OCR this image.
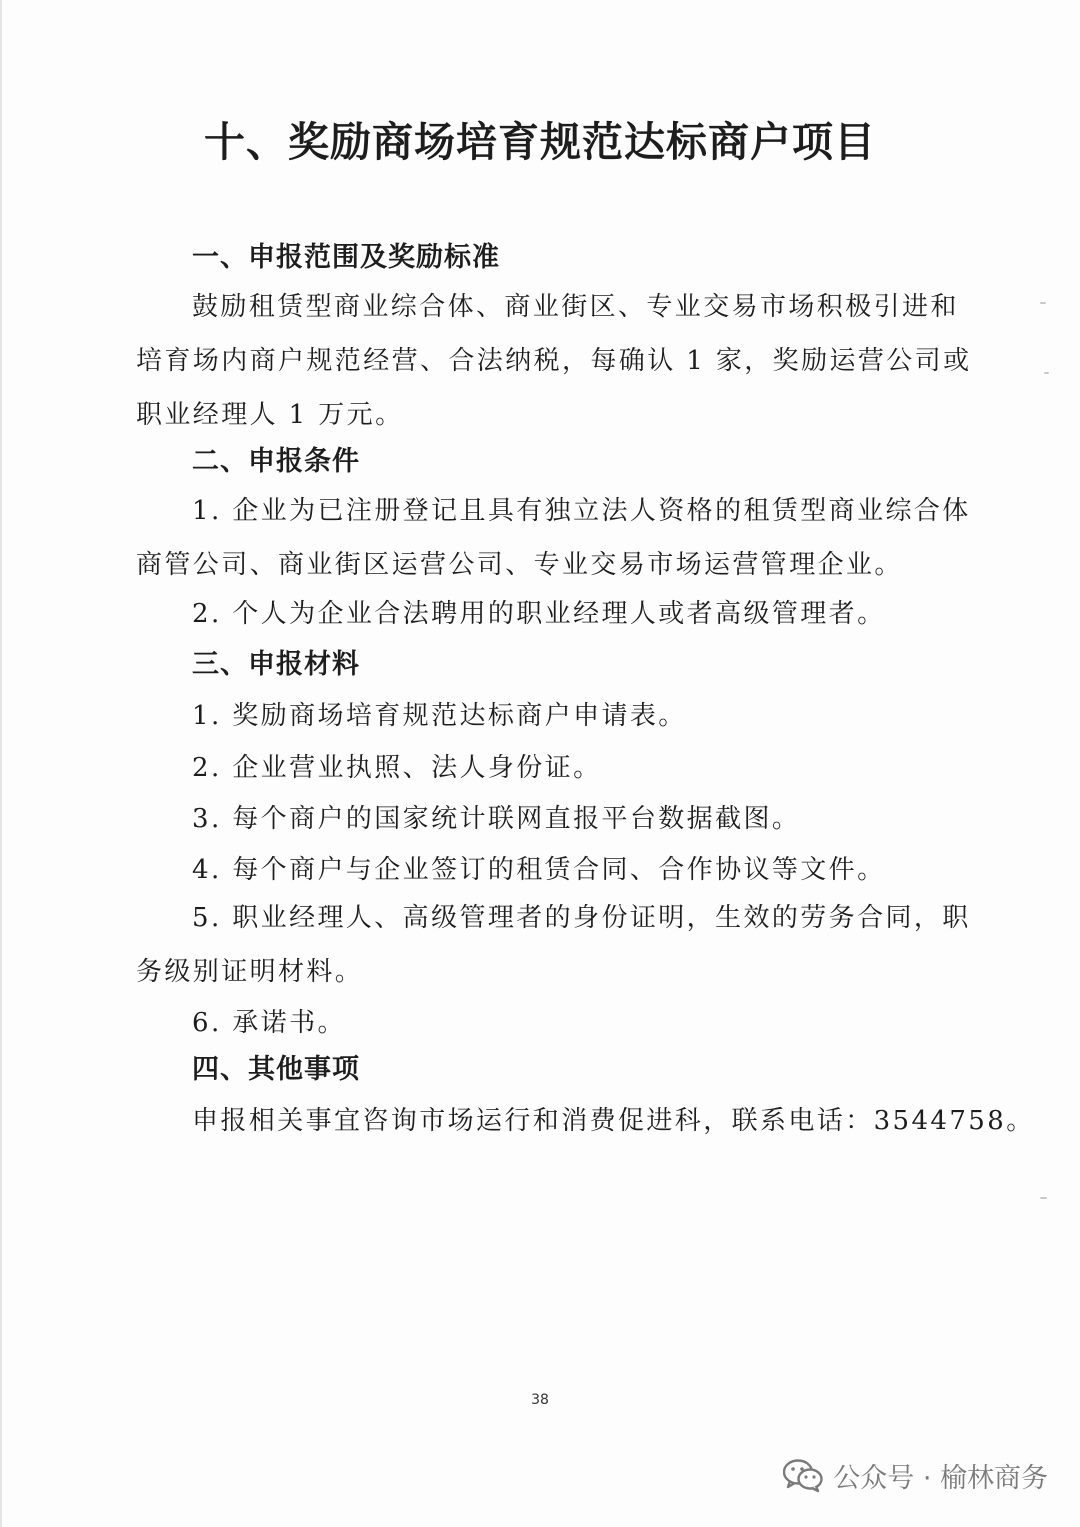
十、奖励商场培育规范达标商户项目
一、申报范围及奖励标准

鼓励租赁型商业综合体、商业街区、专业交易市场积极引进和培育场内商户规范经营、合法纳税，每确认 1 家，奖励运营公司或职业经理人 1 万元。

二、申报条件

1. 企业为已注册登记且具有独立法人资格的租赁型商业综合体商管公司、商业街区运营公司、专业交易市场运营管理企业。

2. 个人为企业合法聘用的职业经理人或者高级管理者。
三、申报材料
1. 奖励商场培育规范达标商户申请表。
2. 企业营业执照、法人身份证。
3. 每个商户的国家统计联网直报平台数据截图。
4. 每个商户与企业签订的租赁合同、合作协议等文件。

5. 职业经理人、高级管理者的身份证明，生效的劳务合同，职务级别证明材料。

6. 承诺书。
四、其他事项
申报相关事宜咨询市场运行和消费促进科，联系电话：3544758。
38
公众号 · 榆林商务
